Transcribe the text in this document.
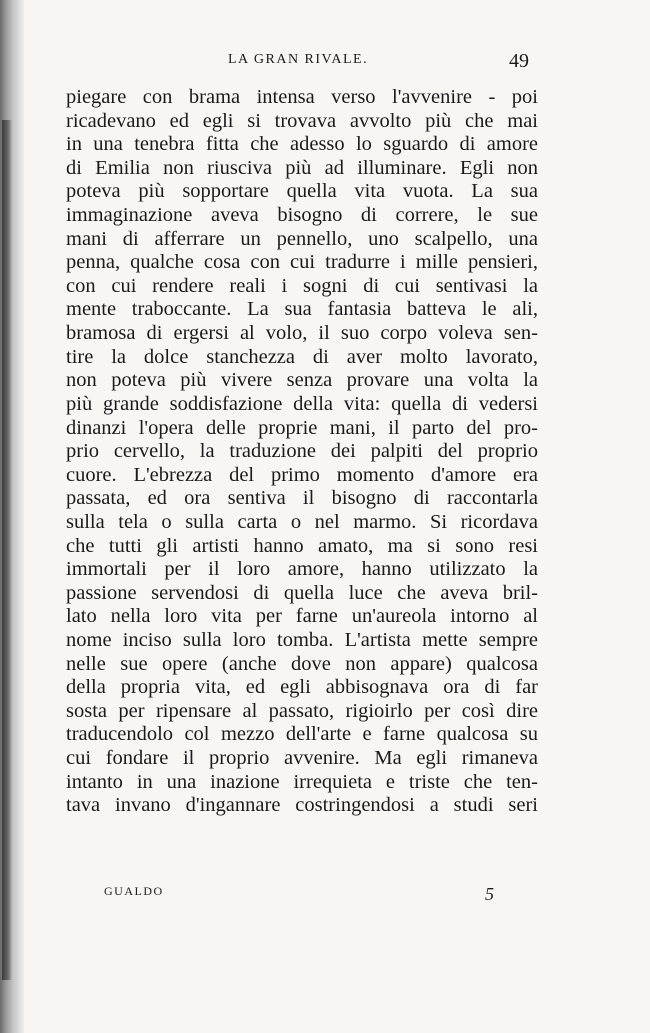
LA GRAN RIVALE.	49
piegare con brama intensa verso l'avvenire - poi
ricadevano ed egli si trovava avvolto più che mai
in una tenebra fitta che adesso lo sguardo di amore
di Emilia non riusciva più ad illuminare. Egli non
poteva più sopportare quella vita vuota. La sua
immaginazione aveva bisogno di correre, le sue
mani di afferrare un pennello, uno scalpello, una
penna, qualche cosa con cui tradurre i mille pensieri,
con cui rendere reali i sogni di cui sentivasi la
mente traboccante. La sua fantasia batteva le ali,
bramosa di ergersi al volo, il suo corpo voleva sen-
tire la dolce stanchezza di aver molto lavorato,
non poteva più vivere senza provare una volta la
più grande soddisfazione della vita: quella di vedersi
dinanzi l'opera delle proprie mani, il parto del pro-
prio cervello, la traduzione dei palpiti del proprio
cuore. L'ebrezza del primo momento d'amore era
passata, ed ora sentiva il bisogno di raccontarla
sulla tela o sulla carta o nel marmo. Si ricordava
che tutti gli artisti hanno amato, ma si sono resi
immortali per il loro amore, hanno utilizzato la
passione servendosi di quella luce che aveva bril-
lato nella loro vita per farne un'aureola intorno al
nome inciso sulla loro tomba. L'artista mette sempre
nelle sue opere (anche dove non appare) qualcosa
della propria vita, ed egli abbisognava ora di far
sosta per ripensare al passato, rigioirlo per così dire
traducendolo col mezzo dell'arte e farne qualcosa su
cui fondare il proprio avvenire. Ma egli rimaneva
intanto in una inazione irrequieta e triste che ten-
tava invano d'ingannare costringendosi a studi seri
GUALDO	5
